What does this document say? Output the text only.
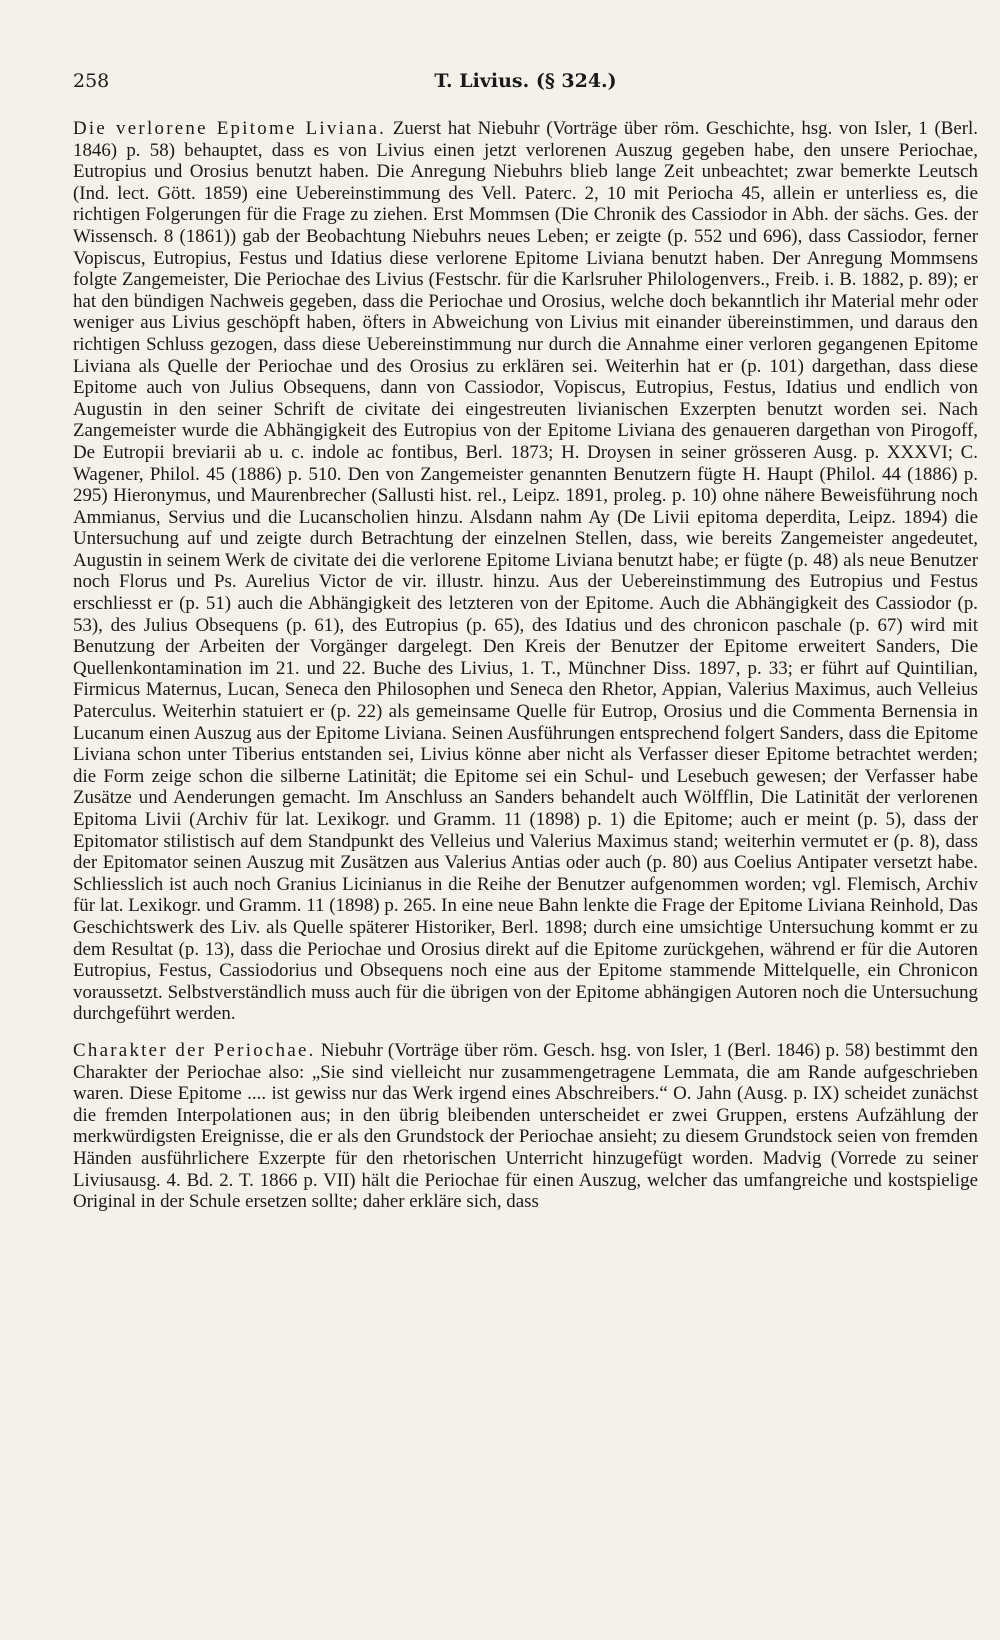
258	T. Livius. (§ 324.)

Die verlorene Epitome Liviana. Zuerst hat Niebuhr (Vorträge über röm. Geschichte, hsg. von Isler, 1 (Berl. 1846) p. 58) behauptet, dass es von Livius einen jetzt verlorenen Auszug gegeben habe, den unsere Periochae, Eutropius und Orosius benutzt haben. Die Anregung Niebuhrs blieb lange Zeit unbeachtet; zwar bemerkte Leutsch (Ind. lect. Gött. 1859) eine Uebereinstimmung des Vell. Paterc. 2, 10 mit Periocha 45, allein er unterliess es, die richtigen Folgerungen für die Frage zu ziehen. Erst Mommsen (Die Chronik des Cassiodor in Abh. der sächs. Ges. der Wissensch. 8 (1861)) gab der Beobachtung Niebuhrs neues Leben; er zeigte (p. 552 und 696), dass Cassiodor, ferner Vopiscus, Eutropius, Festus und Idatius diese verlorene Epitome Liviana benutzt haben. Der Anregung Mommsens folgte Zangemeister, Die Periochae des Livius (Festschr. für die Karlsruher Philologenvers., Freib. i. B. 1882, p. 89); er hat den bündigen Nachweis gegeben, dass die Periochae und Orosius, welche doch bekanntlich ihr Material mehr oder weniger aus Livius geschöpft haben, öfters in Abweichung von Livius mit einander übereinstimmen, und daraus den richtigen Schluss gezogen, dass diese Uebereinstimmung nur durch die Annahme einer verloren gegangenen Epitome Liviana als Quelle der Periochae und des Orosius zu erklären sei. Weiterhin hat er (p. 101) dargethan, dass diese Epitome auch von Julius Obsequens, dann von Cassiodor, Vopiscus, Eutropius, Festus, Idatius und endlich von Augustin in den seiner Schrift de civitate dei eingestreuten livianischen Exzerpten benutzt worden sei. Nach Zangemeister wurde die Abhängigkeit des Eutropius von der Epitome Liviana des genaueren dargethan von Pirogoff, De Eutropii breviarii ab u. c. indole ac fontibus, Berl. 1873; H. Droysen in seiner grösseren Ausg. p. XXXVI; C. Wagener, Philol. 45 (1886) p. 510. Den von Zangemeister genannten Benutzern fügte H. Haupt (Philol. 44 (1886) p. 295) Hieronymus, und Maurenbrecher (Sallusti hist. rel., Leipz. 1891, proleg. p. 10) ohne nähere Beweisführung noch Ammianus, Servius und die Lucanscholien hinzu. Alsdann nahm Ay (De Livii epitoma deperdita, Leipz. 1894) die Untersuchung auf und zeigte durch Betrachtung der einzelnen Stellen, dass, wie bereits Zangemeister angedeutet, Augustin in seinem Werk de civitate dei die verlorene Epitome Liviana benutzt habe; er fügte (p. 48) als neue Benutzer noch Florus und Ps. Aurelius Victor de vir. illustr. hinzu. Aus der Uebereinstimmung des Eutropius und Festus erschliesst er (p. 51) auch die Abhängigkeit des letzteren von der Epitome. Auch die Abhängigkeit des Cassiodor (p. 53), des Julius Obsequens (p. 61), des Eutropius (p. 65), des Idatius und des chronicon paschale (p. 67) wird mit Benutzung der Arbeiten der Vorgänger dargelegt. Den Kreis der Benutzer der Epitome erweitert Sanders, Die Quellenkontamination im 21. und 22. Buche des Livius, 1. T., Münchner Diss. 1897, p. 33; er führt auf Quintilian, Firmicus Maternus, Lucan, Seneca den Philosophen und Seneca den Rhetor, Appian, Valerius Maximus, auch Velleius Paterculus. Weiterhin statuiert er (p. 22) als gemeinsame Quelle für Eutrop, Orosius und die Commenta Bernensia in Lucanum einen Auszug aus der Epitome Liviana. Seinen Ausführungen entsprechend folgert Sanders, dass die Epitome Liviana schon unter Tiberius entstanden sei, Livius könne aber nicht als Verfasser dieser Epitome betrachtet werden; die Form zeige schon die silberne Latinität; die Epitome sei ein Schul- und Lesebuch gewesen; der Verfasser habe Zusätze und Aenderungen gemacht. Im Anschluss an Sanders behandelt auch Wölfflin, Die Latinität der verlorenen Epitoma Livii (Archiv für lat. Lexikogr. und Gramm. 11 (1898) p. 1) die Epitome; auch er meint (p. 5), dass der Epitomator stilistisch auf dem Standpunkt des Velleius und Valerius Maximus stand; weiterhin vermutet er (p. 8), dass der Epitomator seinen Auszug mit Zusätzen aus Valerius Antias oder auch (p. 80) aus Coelius Antipater versetzt habe. Schliesslich ist auch noch Granius Licinianus in die Reihe der Benutzer aufgenommen worden; vgl. Flemisch, Archiv für lat. Lexikogr. und Gramm. 11 (1898) p. 265. In eine neue Bahn lenkte die Frage der Epitome Liviana Reinhold, Das Geschichtswerk des Liv. als Quelle späterer Historiker, Berl. 1898; durch eine umsichtige Untersuchung kommt er zu dem Resultat (p. 13), dass die Periochae und Orosius direkt auf die Epitome zurückgehen, während er für die Autoren Eutropius, Festus, Cassiodorius und Obsequens noch eine aus der Epitome stammende Mittelquelle, ein Chronicon voraussetzt. Selbstverständlich muss auch für die übrigen von der Epitome abhängigen Autoren noch die Untersuchung durchgeführt werden.

Charakter der Periochae. Niebuhr (Vorträge über röm. Gesch. hsg. von Isler, 1 (Berl. 1846) p. 58) bestimmt den Charakter der Periochae also: „Sie sind vielleicht nur zusammengetragene Lemmata, die am Rande aufgeschrieben waren. Diese Epitome .... ist gewiss nur das Werk irgend eines Abschreibers.“ O. Jahn (Ausg. p. IX) scheidet zunächst die fremden Interpolationen aus; in den übrig bleibenden unterscheidet er zwei Gruppen, erstens Aufzählung der merkwürdigsten Ereignisse, die er als den Grundstock der Periochae ansieht; zu diesem Grundstock seien von fremden Händen ausführlichere Exzerpte für den rhetorischen Unterricht hinzugefügt worden. Madvig (Vorrede zu seiner Liviusausg. 4. Bd. 2. T. 1866 p. VII) hält die Periochae für einen Auszug, welcher das umfangreiche und kostspielige Original in der Schule ersetzen sollte; daher erkläre sich, dass
